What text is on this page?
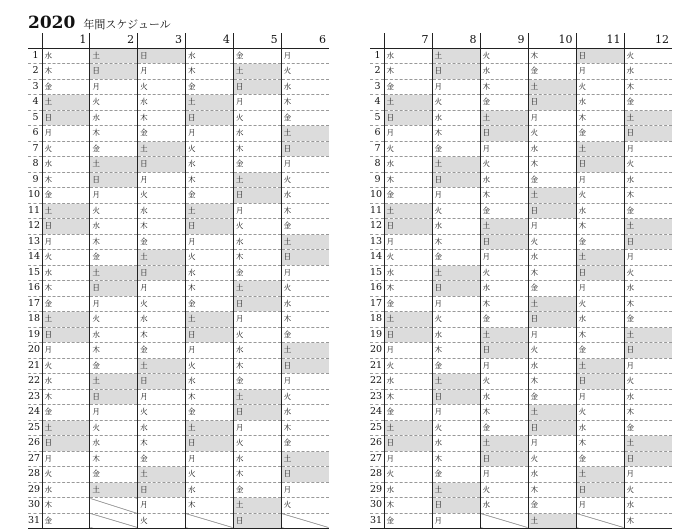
2020 年間スケジュール
	1	2	3	4	5	6
1	水	土	日	水	金	月
2	木	日	月	木	土	火
3	金	月	火	金	日	水
4	土	火	水	土	月	木
5	日	水	木	日	火	金
6	月	木	金	月	水	土
7	火	金	土	火	木	日
8	水	土	日	水	金	月
9	木	日	月	木	土	火
10	金	月	火	金	日	水
11	土	火	水	土	月	木
12	日	水	木	日	火	金
13	月	木	金	月	水	土
14	火	金	土	火	木	日
15	水	土	日	水	金	月
16	木	日	月	木	土	火
17	金	月	火	金	日	水
18	土	火	水	土	月	木
19	日	水	木	日	火	金
20	月	木	金	月	水	土
21	火	金	土	火	木	日
22	水	土	日	水	金	月
23	木	日	月	木	土	火
24	金	月	火	金	日	水
25	土	火	水	土	月	木
26	日	水	木	日	火	金
27	月	木	金	月	水	土
28	火	金	土	火	木	日
29	水	土	日	水	金	月
30	木		月	木	土	火
31	金		火		日	
	7	8	9	10	11	12
1	水	土	火	木	日	火
2	木	日	水	金	月	水
3	金	月	木	土	火	木
4	土	火	金	日	水	金
5	日	水	土	月	木	土
6	月	木	日	火	金	日
7	火	金	月	水	土	月
8	水	土	火	木	日	火
9	木	日	水	金	月	水
10	金	月	木	土	火	木
11	土	火	金	日	水	金
12	日	水	土	月	木	土
13	月	木	日	火	金	日
14	火	金	月	水	土	月
15	水	土	火	木	日	火
16	木	日	水	金	月	水
17	金	月	木	土	火	木
18	土	火	金	日	水	金
19	日	水	土	月	木	土
20	月	木	日	火	金	日
21	火	金	月	水	土	月
22	水	土	火	木	日	火
23	木	日	水	金	月	水
24	金	月	木	土	火	木
25	土	火	金	日	水	金
26	日	水	土	月	木	土
27	月	木	日	火	金	日
28	火	金	月	水	土	月
29	水	土	火	木	日	火
30	木	日	水	金	月	水
31	金	月		土		木
